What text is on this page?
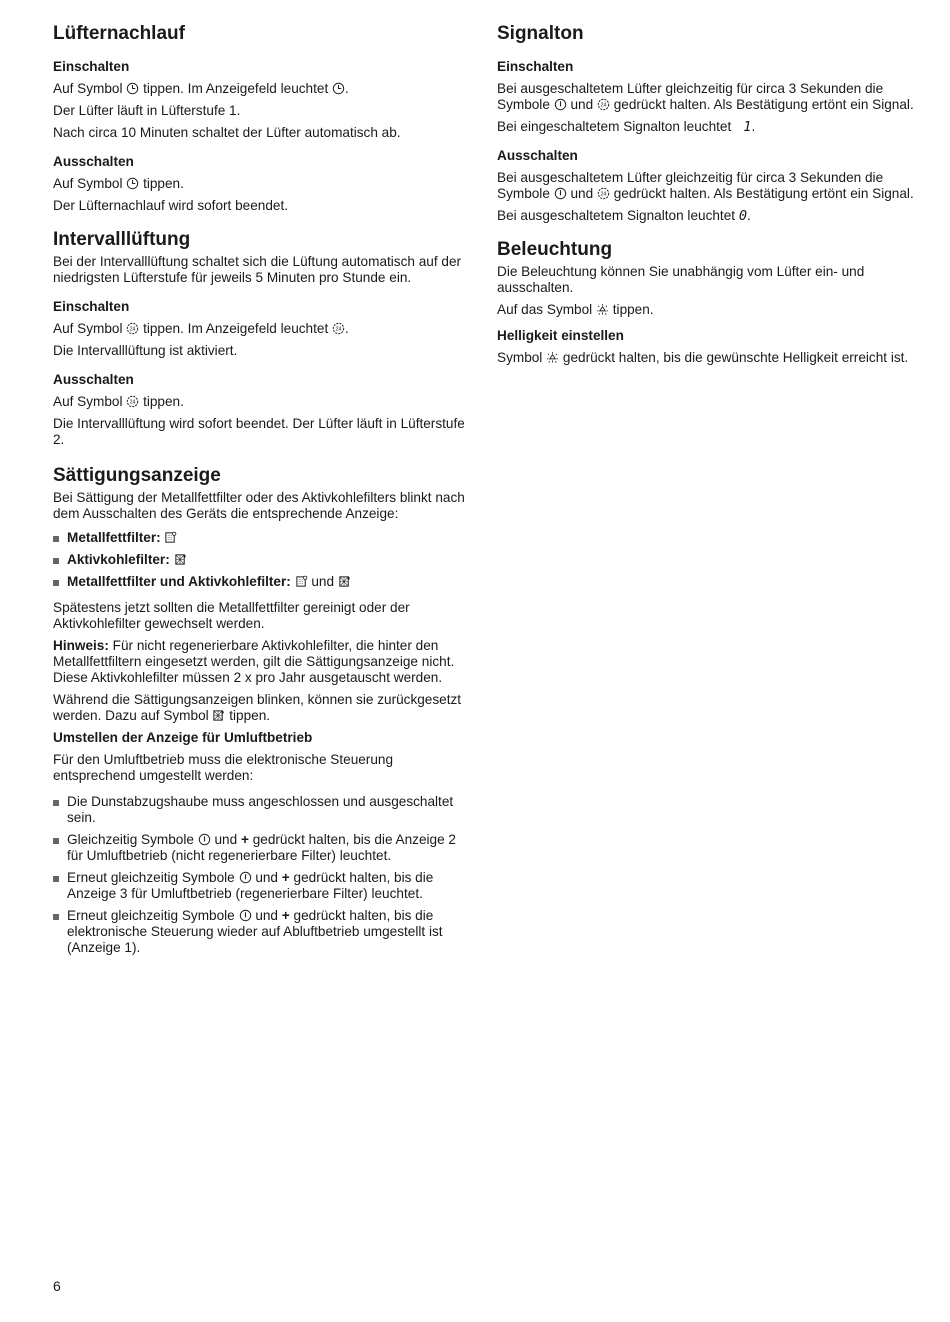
Lüfternachlauf
Einschalten

Auf Symbol tippen. Im Anzeigefeld leuchtet .

Der Lüfter läuft in Lüfterstufe 1.

Nach circa 10 Minuten schaltet der Lüfter automatisch ab.

Ausschalten

Auf Symbol tippen.

Der Lüfternachlauf wird sofort beendet.

Intervalllüftung

Bei der Intervalllüftung schaltet sich die Lüftung automatisch auf der niedrigsten Lüfterstufe für jeweils 5 Minuten pro Stunde ein.

Einschalten

Auf Symbol tippen. Im Anzeigefeld leuchtet .

Die Intervalllüftung ist aktiviert.

Ausschalten

Auf Symbol tippen.

Die Intervalllüftung wird sofort beendet. Der Lüfter läuft in Lüfterstufe 2.

Sättigungsanzeige

Bei Sättigung der Metallfettfilter oder des Aktivkohlefilters blinkt nach dem Ausschalten des Geräts die entsprechende Anzeige:

Metallfettfilter:
Aktivkohlefilter:
Metallfettfilter und Aktivkohlefilter: und

Spätestens jetzt sollten die Metallfettfilter gereinigt oder der Aktivkohlefilter gewechselt werden.

Hinweis: Für nicht regenerierbare Aktivkohlefilter, die hinter den Metallfettfiltern eingesetzt werden, gilt die Sättigungsanzeige nicht. Diese Aktivkohlefilter müssen 2 x pro Jahr ausgetauscht werden.

Während die Sättigungsanzeigen blinken, können sie zurückgesetzt werden. Dazu auf Symbol tippen.

Umstellen der Anzeige für Umluftbetrieb

Für den Umluftbetrieb muss die elektronische Steuerung entsprechend umgestellt werden:

Die Dunstabzugshaube muss angeschlossen und ausgeschaltet sein.
Gleichzeitig Symbole und + gedrückt halten, bis die Anzeige 2 für Umluftbetrieb (nicht regenerierbare Filter) leuchtet.
Erneut gleichzeitig Symbole und + gedrückt halten, bis die Anzeige 3 für Umluftbetrieb (regenerierbare Filter) leuchtet.
Erneut gleichzeitig Symbole und + gedrückt halten, bis die elektronische Steuerung wieder auf Abluftbetrieb umgestellt ist (Anzeige 1).
Signalton
Einschalten

Bei ausgeschaltetem Lüfter gleichzeitig für circa 3 Sekunden die Symbole und gedrückt halten. Als Bestätigung ertönt ein Signal.

Bei eingeschaltetem Signalton leuchtet  1.

Ausschalten

Bei ausgeschaltetem Lüfter gleichzeitig für circa 3 Sekunden die Symbole und gedrückt halten. Als Bestätigung ertönt ein Signal.

Bei ausgeschaltetem Signalton leuchtet 0.

Beleuchtung

Die Beleuchtung können Sie unabhängig vom Lüfter ein- und ausschalten.

Auf das Symbol tippen.

Helligkeit einstellen

Symbol gedrückt halten, bis die gewünschte Helligkeit erreicht ist.

6
